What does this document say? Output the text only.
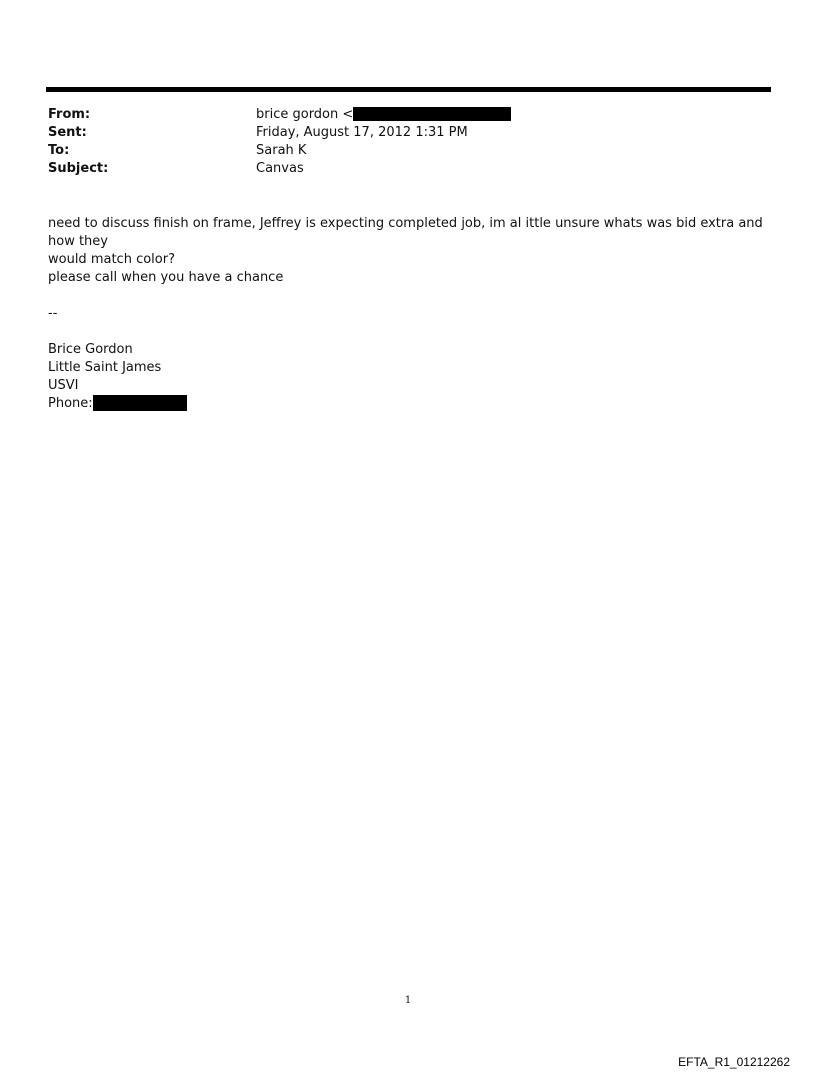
From:	brice gordon <
Sent:	Friday, August 17, 2012 1:31 PM
To:	Sarah K
Subject:	Canvas

need to discuss finish on frame, Jeffrey is expecting completed job, im al ittle unsure whats was bid extra and how they

would match color?

please call when you have a chance

--
Brice Gordon
Little Saint James
USVI
Phone:
1
EFTA_R1_01212262
